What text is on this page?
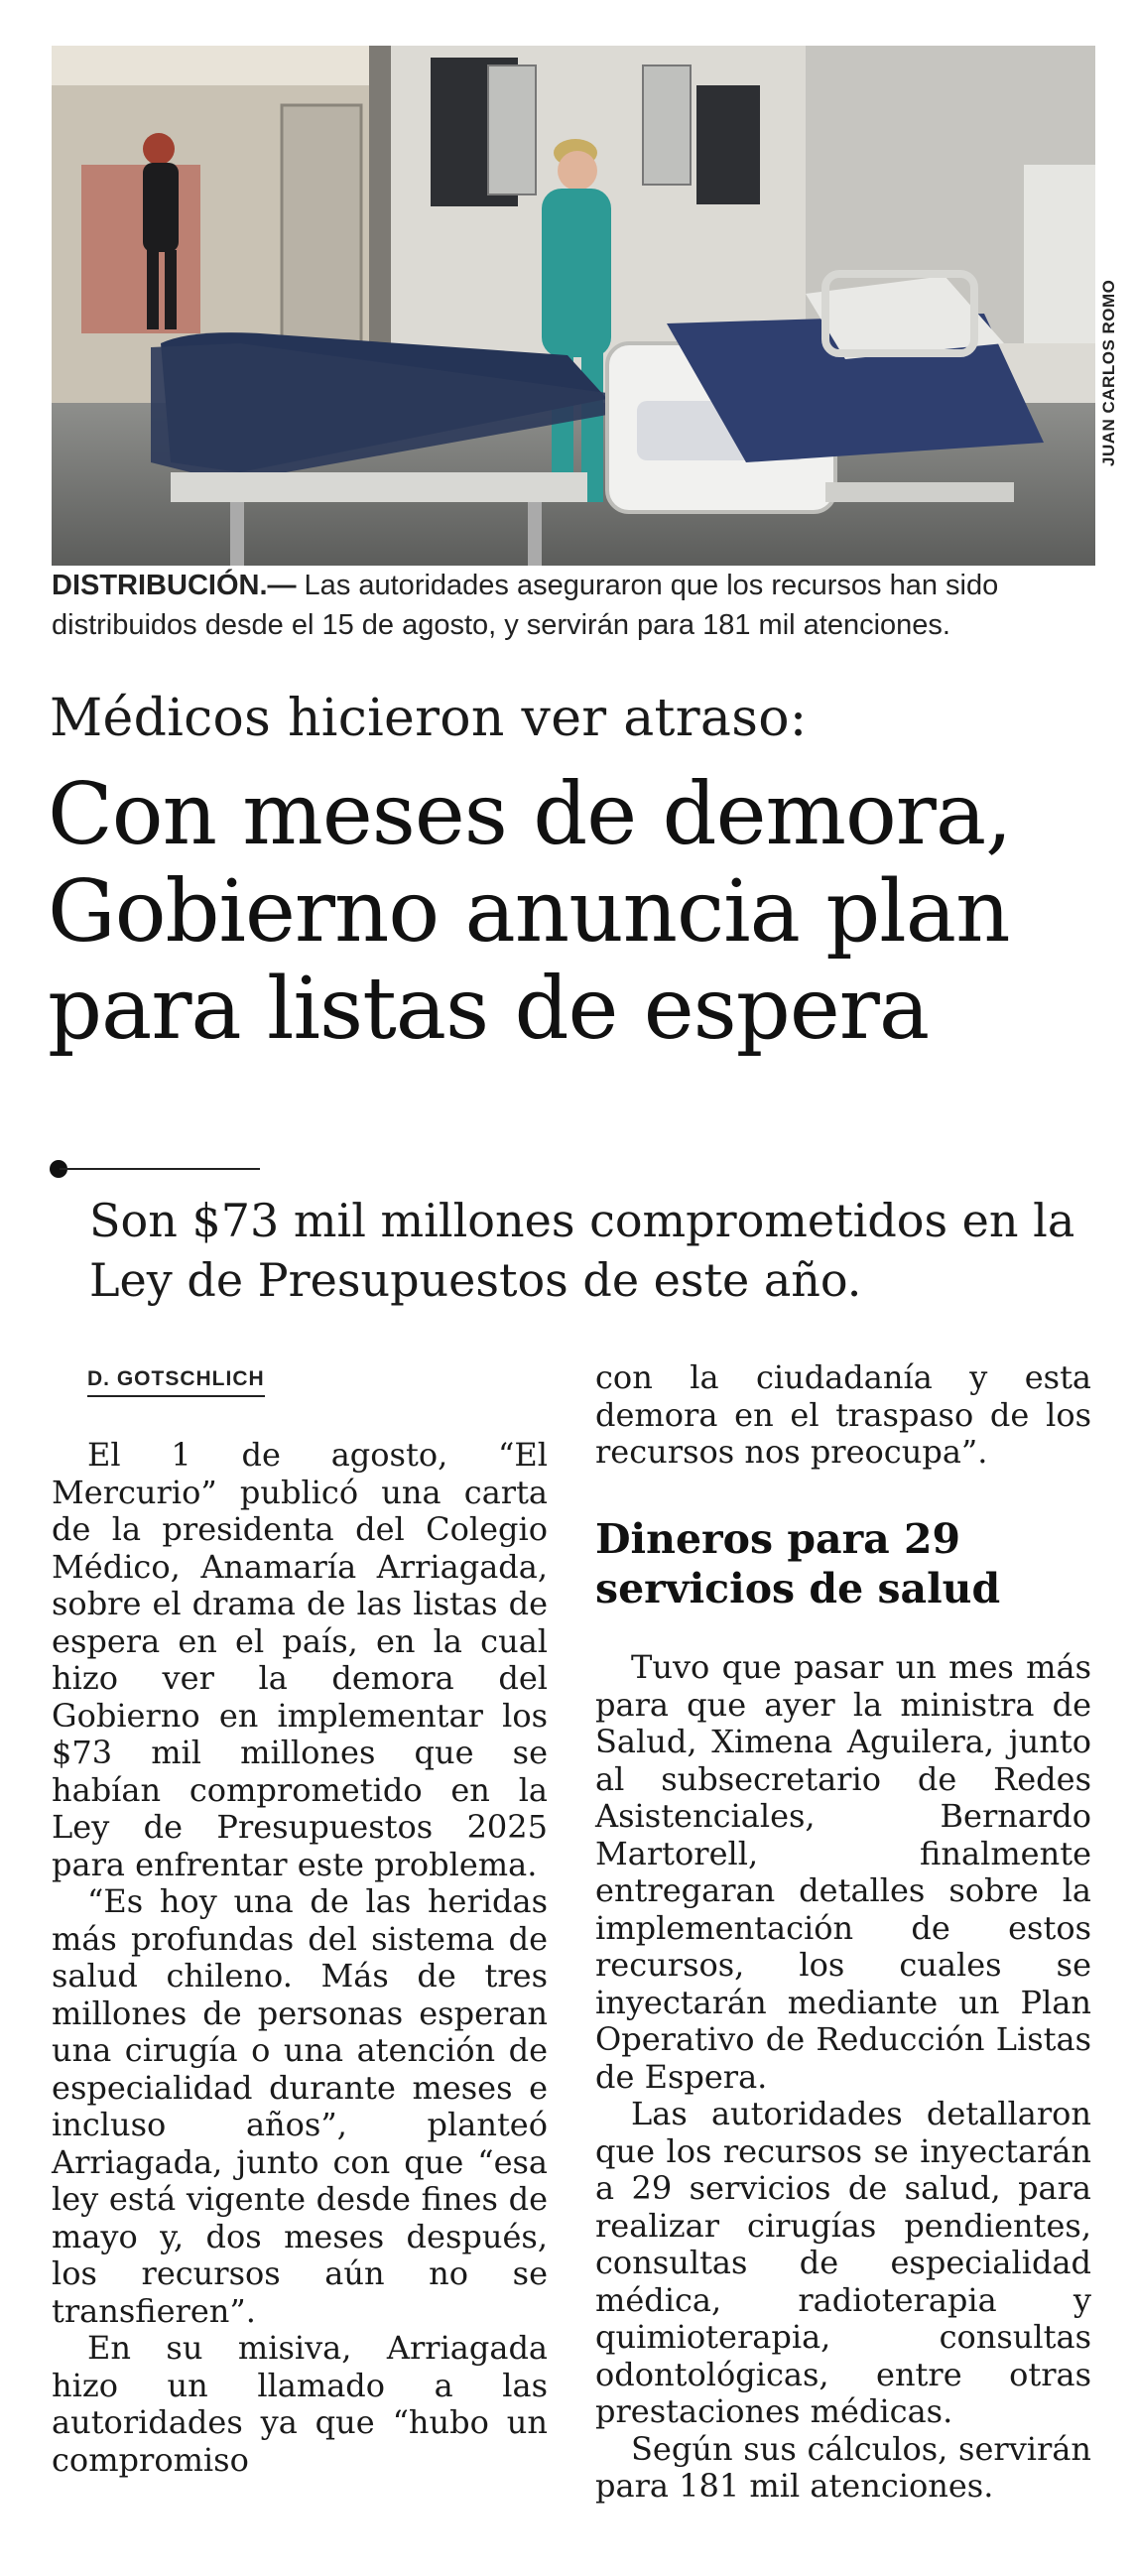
JUAN CARLOS ROMO
DISTRIBUCIÓN.— Las autoridades aseguraron que los recursos han sido distribuidos desde el 15 de agosto, y servirán para 181 mil atenciones.
Médicos hicieron ver atraso:
Con meses de demora,
Gobierno anuncia plan
para listas de espera
Son $73 mil millones comprometidos en la Ley de Presupuestos de este año.
D. GOTSCHLICH

El 1 de agosto, “El Mercurio” publicó una carta de la presidenta del Colegio Médico, Anamaría Arriagada, sobre el drama de las listas de espera en el país, en la cual hizo ver la demora del Gobierno en implementar los $73 mil millones que se habían comprometido en la Ley de Presupuestos 2025 para enfrentar este problema.

“Es hoy una de las heridas más profundas del sistema de salud chileno. Más de tres millones de personas esperan una cirugía o una atención de especialidad durante meses e incluso años”, planteó Arriagada, junto con que “esa ley está vigente desde fines de mayo y, dos meses después, los recursos aún no se transfieren”.

En su misiva, Arriagada hizo un llamado a las autoridades ya que “hubo un compromiso

con la ciudadanía y esta demora en el traspaso de los recursos nos preocupa”.

Dineros para 29 servicios de salud

Tuvo que pasar un mes más para que ayer la ministra de Salud, Ximena Aguilera, junto al subsecretario de Redes Asistenciales, Bernardo Martorell, finalmente entregaran detalles sobre la implementación de estos recursos, los cuales se inyectarán mediante un Plan Operativo de Reducción Listas de Espera.

Las autoridades detallaron que los recursos se inyectarán a 29 servicios de salud, para realizar cirugías pendientes, consultas de especialidad médica, radioterapia y quimioterapia, consultas odontológicas, entre otras prestaciones médicas.

Según sus cálculos, servirán para 181 mil atenciones.
